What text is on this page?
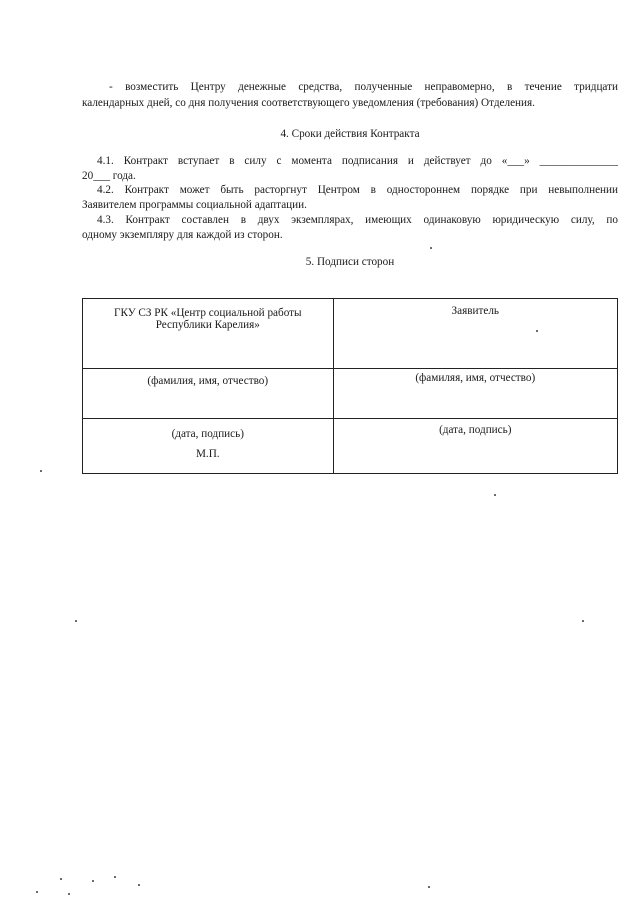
- возместить Центру денежные средства, полученные неправомерно, в течение тридцати
календарных дней, со дня получения соответствующего уведомления (требования) Отделения.
4. Сроки действия Контракта
4.1. Контракт вступает в силу с момента подписания и действует до «___» ______________
20___ года.
4.2. Контракт может быть расторгнут Центром в одностороннем порядке при невыполнении
Заявителем программы социальной адаптации.
4.3. Контракт составлен в двух экземплярах, имеющих одинаковую юридическую силу, по
одному экземпляру для каждой из сторон.
5. Подписи сторон
ГКУ СЗ РК «Центр социальной работы
Республики Карелия»	Заявитель

(фамилия, имя, отчество)	(фамиляя, имя, отчество)

(дата, подпись)
М.П.	(дата, подпись)
